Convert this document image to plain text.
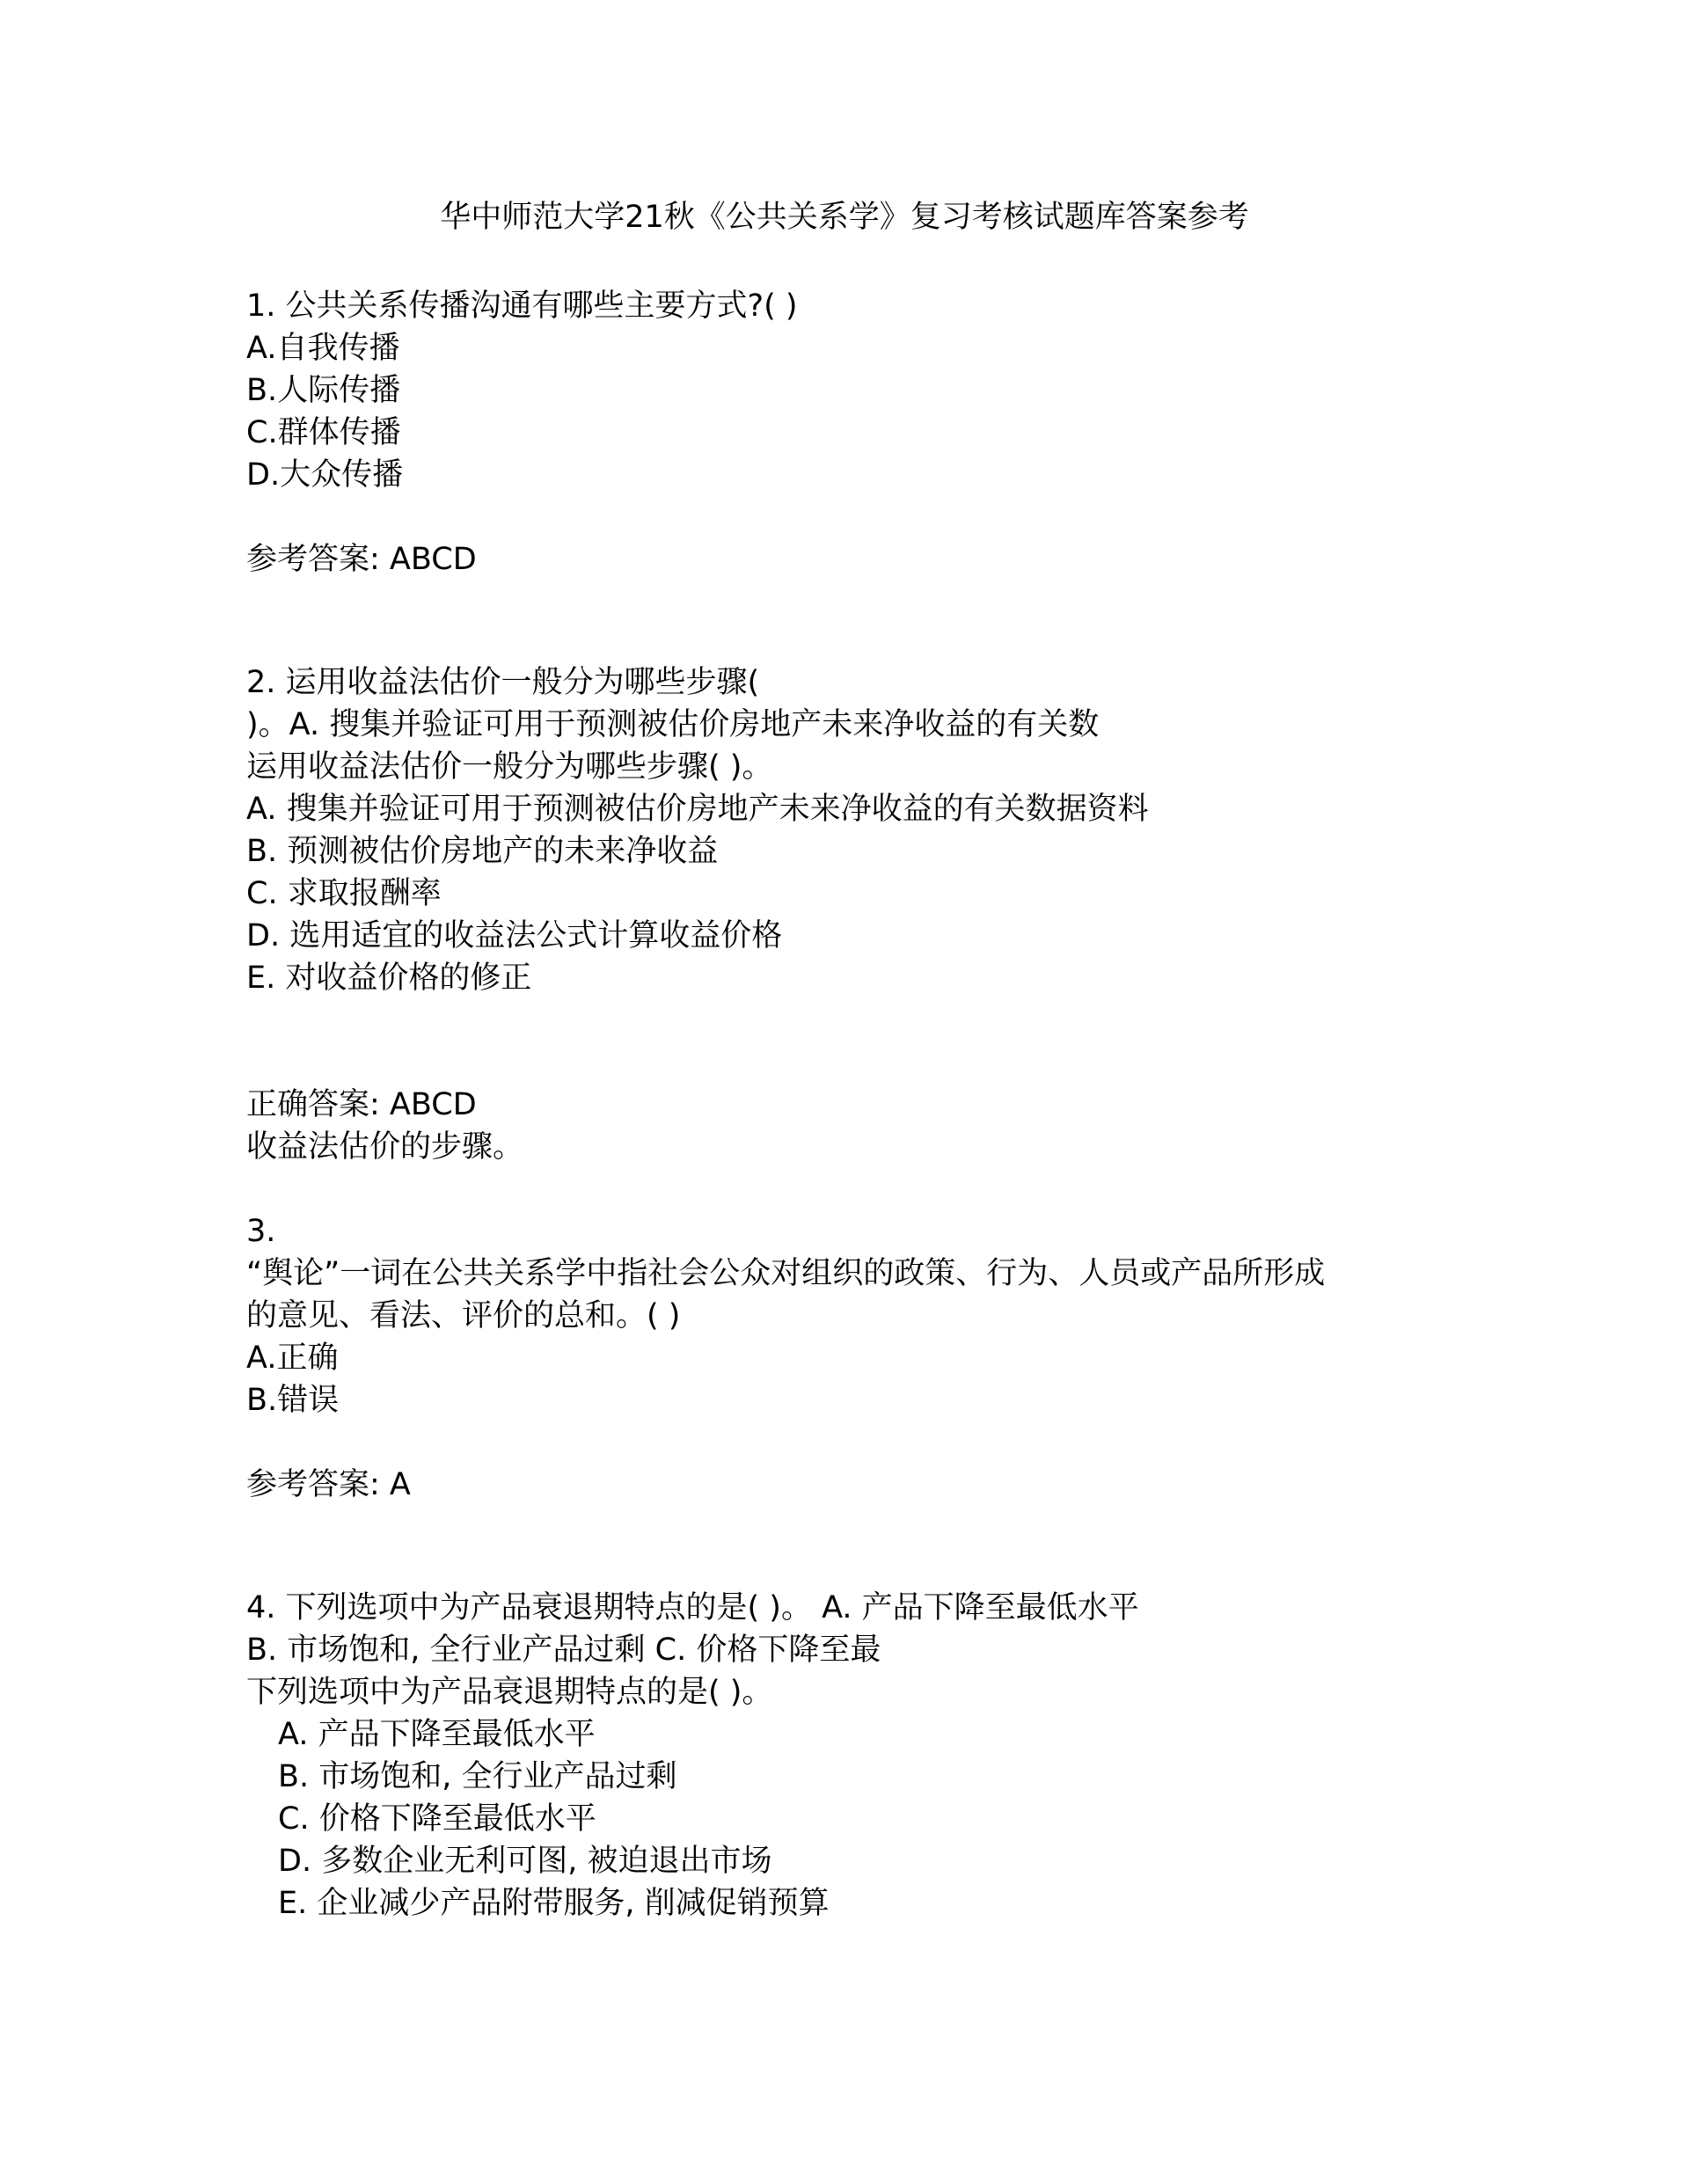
华中师范大学21秋《公共关系学》复习考核试题库答案参考
1. 公共关系传播沟通有哪些主要方式?( )
A.自我传播
B.人际传播
C.群体传播
D.大众传播
参考答案: ABCD
2. 运用收益法估价一般分为哪些步骤(
)。A. 搜集并验证可用于预测被估价房地产未来净收益的有关数
运用收益法估价一般分为哪些步骤( )。
A. 搜集并验证可用于预测被估价房地产未来净收益的有关数据资料
B. 预测被估价房地产的未来净收益
C. 求取报酬率
D. 选用适宜的收益法公式计算收益价格
E. 对收益价格的修正
正确答案: ABCD
收益法估价的步骤。
3.
“舆论”一词在公共关系学中指社会公众对组织的政策、行为、人员或产品所形成
的意见、看法、评价的总和。( )
A.正确
B.错误
参考答案: A
4. 下列选项中为产品衰退期特点的是( )。 A. 产品下降至最低水平
B. 市场饱和, 全行业产品过剩 C. 价格下降至最
下列选项中为产品衰退期特点的是( )。
A. 产品下降至最低水平
B. 市场饱和, 全行业产品过剩
C. 价格下降至最低水平
D. 多数企业无利可图, 被迫退出市场
E. 企业减少产品附带服务, 削减促销预算
